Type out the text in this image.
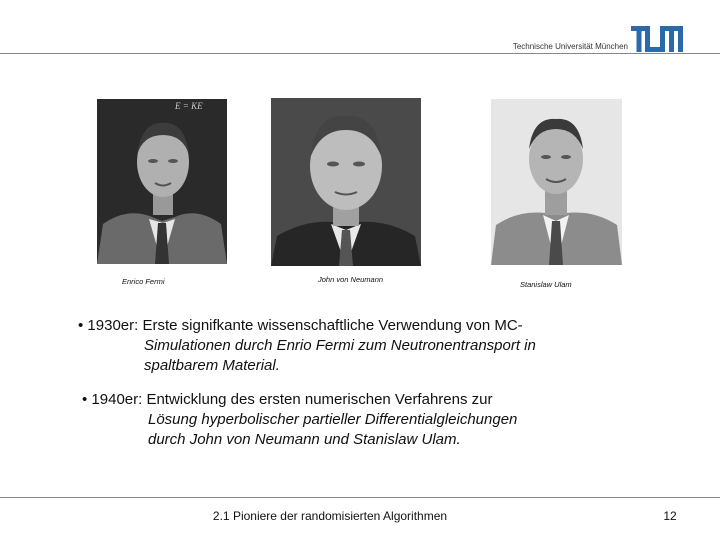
Technische Universität München
E = KE
Enrico Fermi	John von Neumann
Stanislaw Ulam
• 1930er: Erste signifkante wissenschaftliche Verwendung von MC-
Simulationen durch Enrio Fermi zum Neutronentransport in
spaltbarem Material.
• 1940er: Entwicklung des ersten numerischen Verfahrens zur
Lösung hyperbolischer partieller Differentialgleichungen
durch John von Neumann und Stanislaw Ulam.
2.1 Pioniere der randomisierten Algorithmen	12
